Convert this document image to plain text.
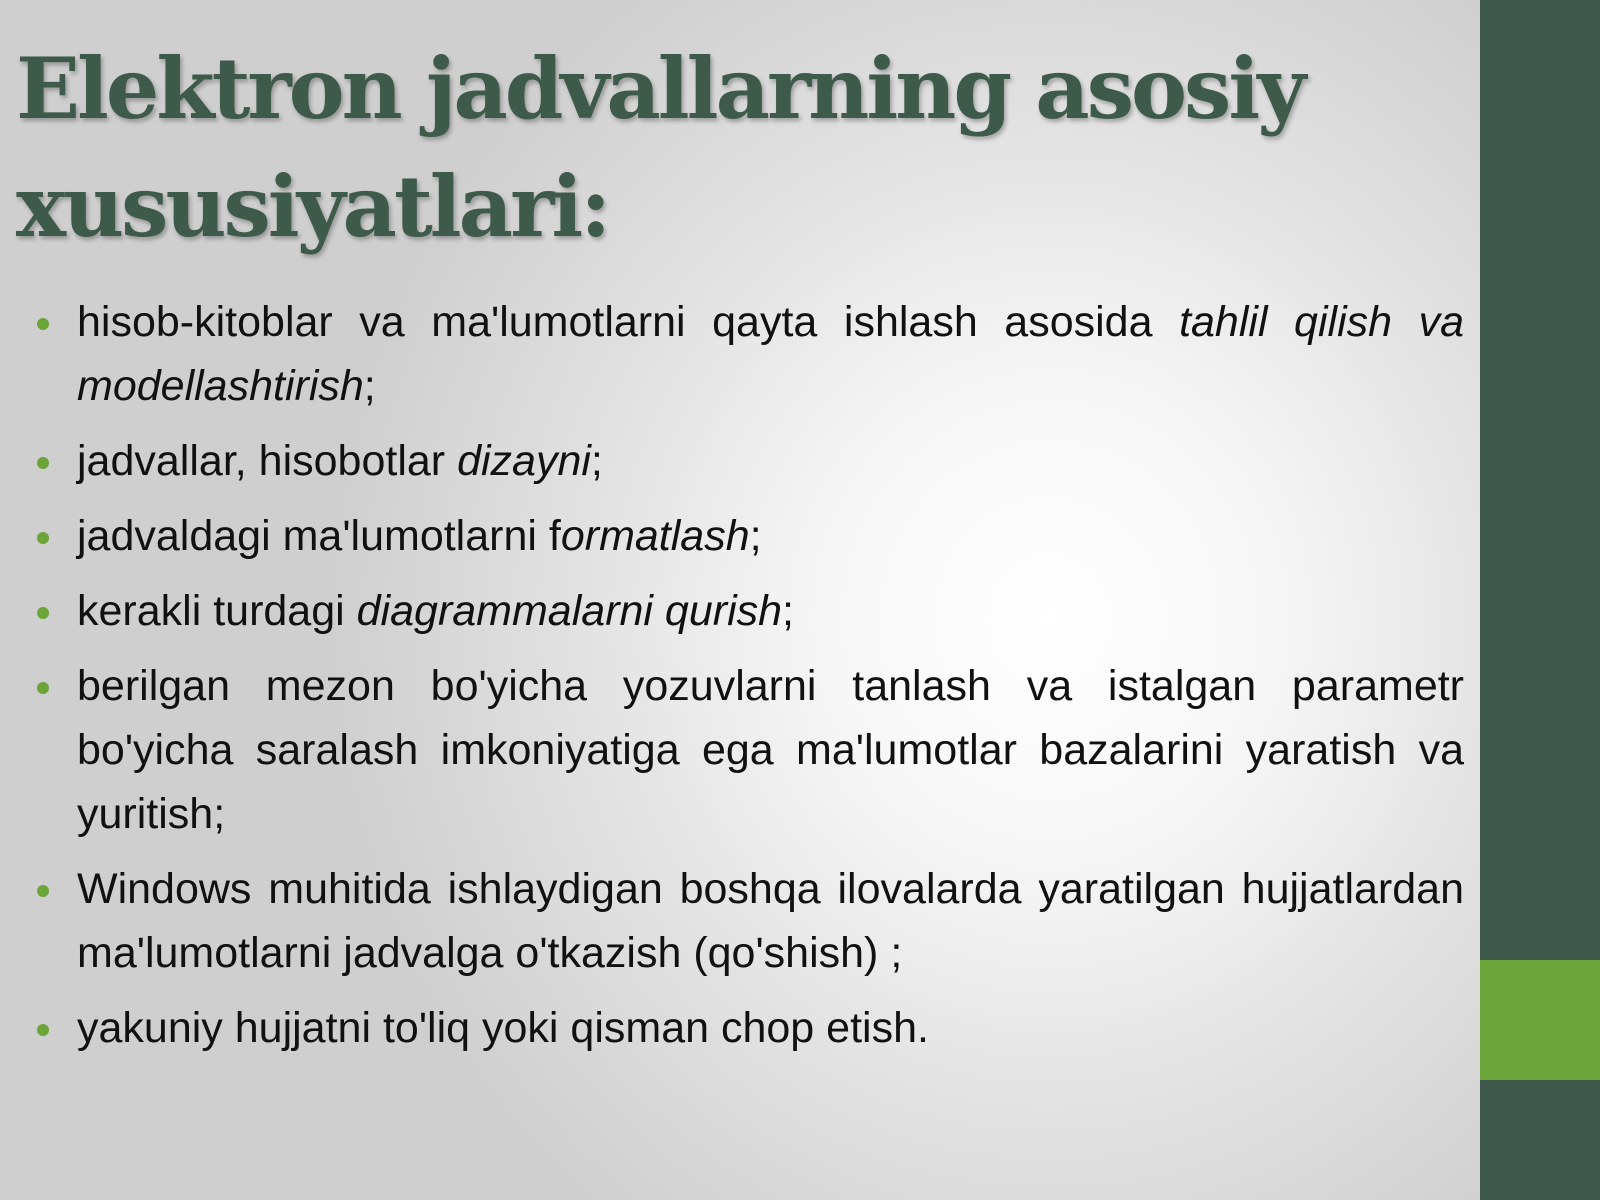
Elektron jadvallarning asosiy xususiyatlari:
hisob-kitoblar va ma'lumotlarni qayta ishlash asosida tahlil qilish va modellashtirish;
jadvallar, hisobotlar dizayni;
jadvaldagi ma'lumotlarni formatlash;
kerakli turdagi diagrammalarni qurish;
berilgan mezon bo'yicha yozuvlarni tanlash va istalgan parametr bo'yicha saralash imkoniyatiga ega ma'lumotlar bazalarini yaratish va yuritish;
Windows muhitida ishlaydigan boshqa ilovalarda yaratilgan hujjatlardan ma'lumotlarni jadvalga o'tkazish (qo'shish) ;
yakuniy hujjatni to'liq yoki qisman chop etish.
